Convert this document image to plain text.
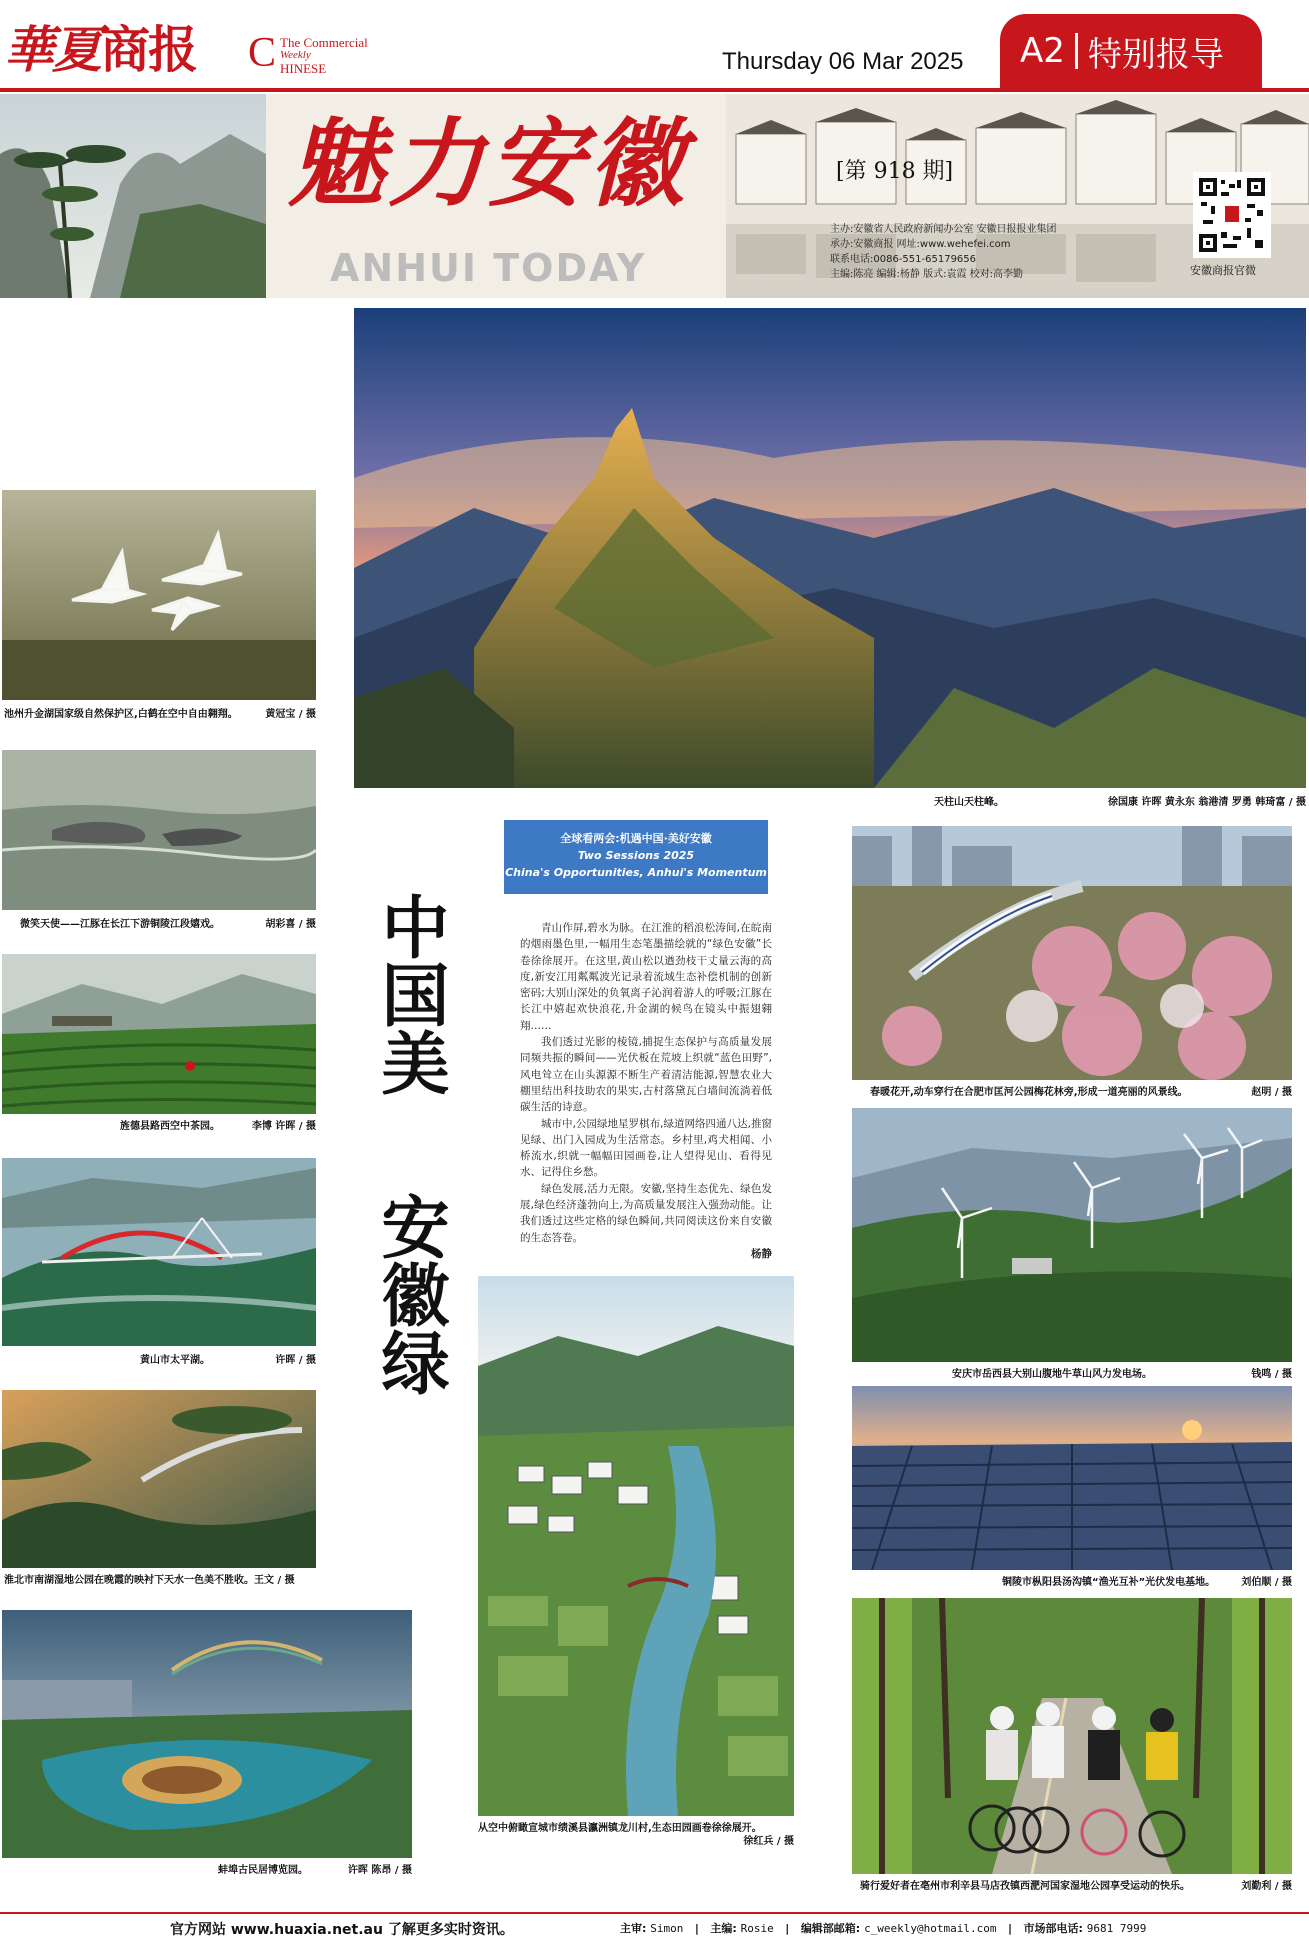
華夏商报 C The Commercial
Weekly
HINESE	Thursday 06 Mar 2025 A2 特别报导
魅力安徽
ANHUI TODAY
[第 918 期]
主办:安徽省人民政府新闻办公室 安徽日报报业集团
承办:安徽商报 网址:www.wehefei.com
联系电话:0086-551-65179656
主编:陈亮 编辑:杨静 版式:袁霞 校对:高李勤	安徽商报官微
天柱山天柱峰。	徐国康 许晖 黄永东 翁港清 罗勇 韩琦富 / 摄
池州升金湖国家级自然保护区,白鹤在空中自由翱翔。	黄冠宝 / 摄
微笑天使——江豚在长江下游铜陵江段嬉戏。	胡彩喜 / 摄
旌德县路西空中茶园。	李博 许晖 / 摄
黄山市太平湖。	许晖 / 摄
淮北市南湖湿地公园在晚霞的映衬下天水一色美不胜收。王文 / 摄
蚌埠古民居博览园。	许晖 陈昂 / 摄
中国美
安徽绿
全球看两会:机遇中国·美好安徽
Two Sessions 2025
China's Opportunities, Anhui's Momentum

青山作屏,碧水为脉。在江淮的稻浪松涛间,在皖南的烟雨墨色里,一幅用生态笔墨描绘就的“绿色安徽”长卷徐徐展开。在这里,黄山松以遒劲枝干丈量云海的高度,新安江用粼粼波光记录着流域生态补偿机制的创新密码;大别山深处的负氧离子沁润着游人的呼吸;江豚在长江中嬉起欢快浪花,升金湖的候鸟在镜头中振翅翱翔……

我们透过光影的棱镜,捕捉生态保护与高质量发展同频共振的瞬间——光伏板在荒坡上织就“蓝色田野”,风电耸立在山头源源不断生产着清洁能源,智慧农业大棚里结出科技助农的果实,古村落黛瓦白墙间流淌着低碳生活的诗意。

城市中,公园绿地星罗棋布,绿道网络四通八达,推窗见绿、出门入园成为生活常态。乡村里,鸡犬相闻、小桥流水,织就一幅幅田园画卷,让人望得见山、看得见水、记得住乡愁。

绿色发展,活力无限。安徽,坚持生态优先、绿色发展,绿色经济蓬勃向上,为高质量发展注入强劲动能。让我们透过这些定格的绿色瞬间,共同阅读这份来自安徽的生态答卷。

杨静
从空中俯瞰宣城市绩溪县瀛洲镇龙川村,生态田园画卷徐徐展开。
徐红兵 / 摄
春暖花开,动车穿行在合肥市匡河公园梅花林旁,形成一道亮丽的风景线。	赵明 / 摄
安庆市岳西县大别山腹地牛草山风力发电场。	钱鸣 / 摄
铜陵市枞阳县汤沟镇“渔光互补”光伏发电基地。	刘伯顺 / 摄
骑行爱好者在亳州市利辛县马店孜镇西淝河国家湿地公园享受运动的快乐。	刘勤利 / 摄
官方网站 www.huaxia.net.au 了解更多实时资讯。	主审: Simon   |   主编: Rosie   |   编辑部邮箱: c_weekly@hotmail.com   |   市场部电话: 9681 7999
